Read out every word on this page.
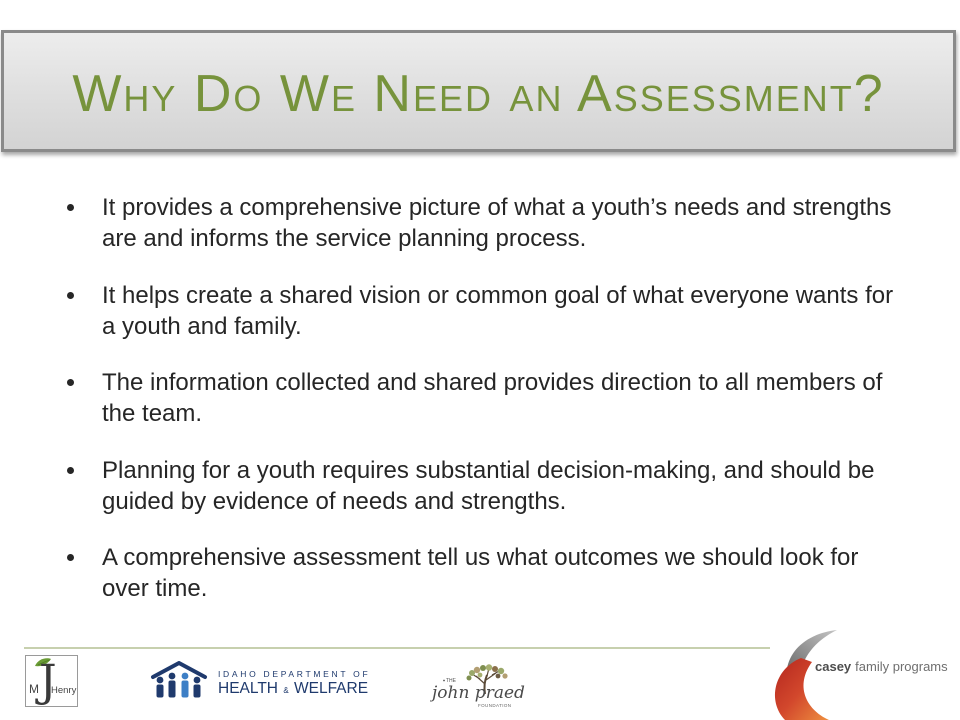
Why Do We Need an Assessment?
It provides a comprehensive picture of what a youth’s needs and strengths
are and informs the service planning process.
It helps create a shared vision or common goal of what everyone wants for
a youth and family.
The information collected and shared provides direction to all members of
the team.
Planning for a youth requires substantial decision-making, and should be
guided by evidence of needs and strengths.
A comprehensive assessment tell us what outcomes we should look for
over time.
J
M Henry
IDAHO DEPARTMENT OF
HEALTH & WELFARE	THE
john praed
FOUNDATION
casey family programs
